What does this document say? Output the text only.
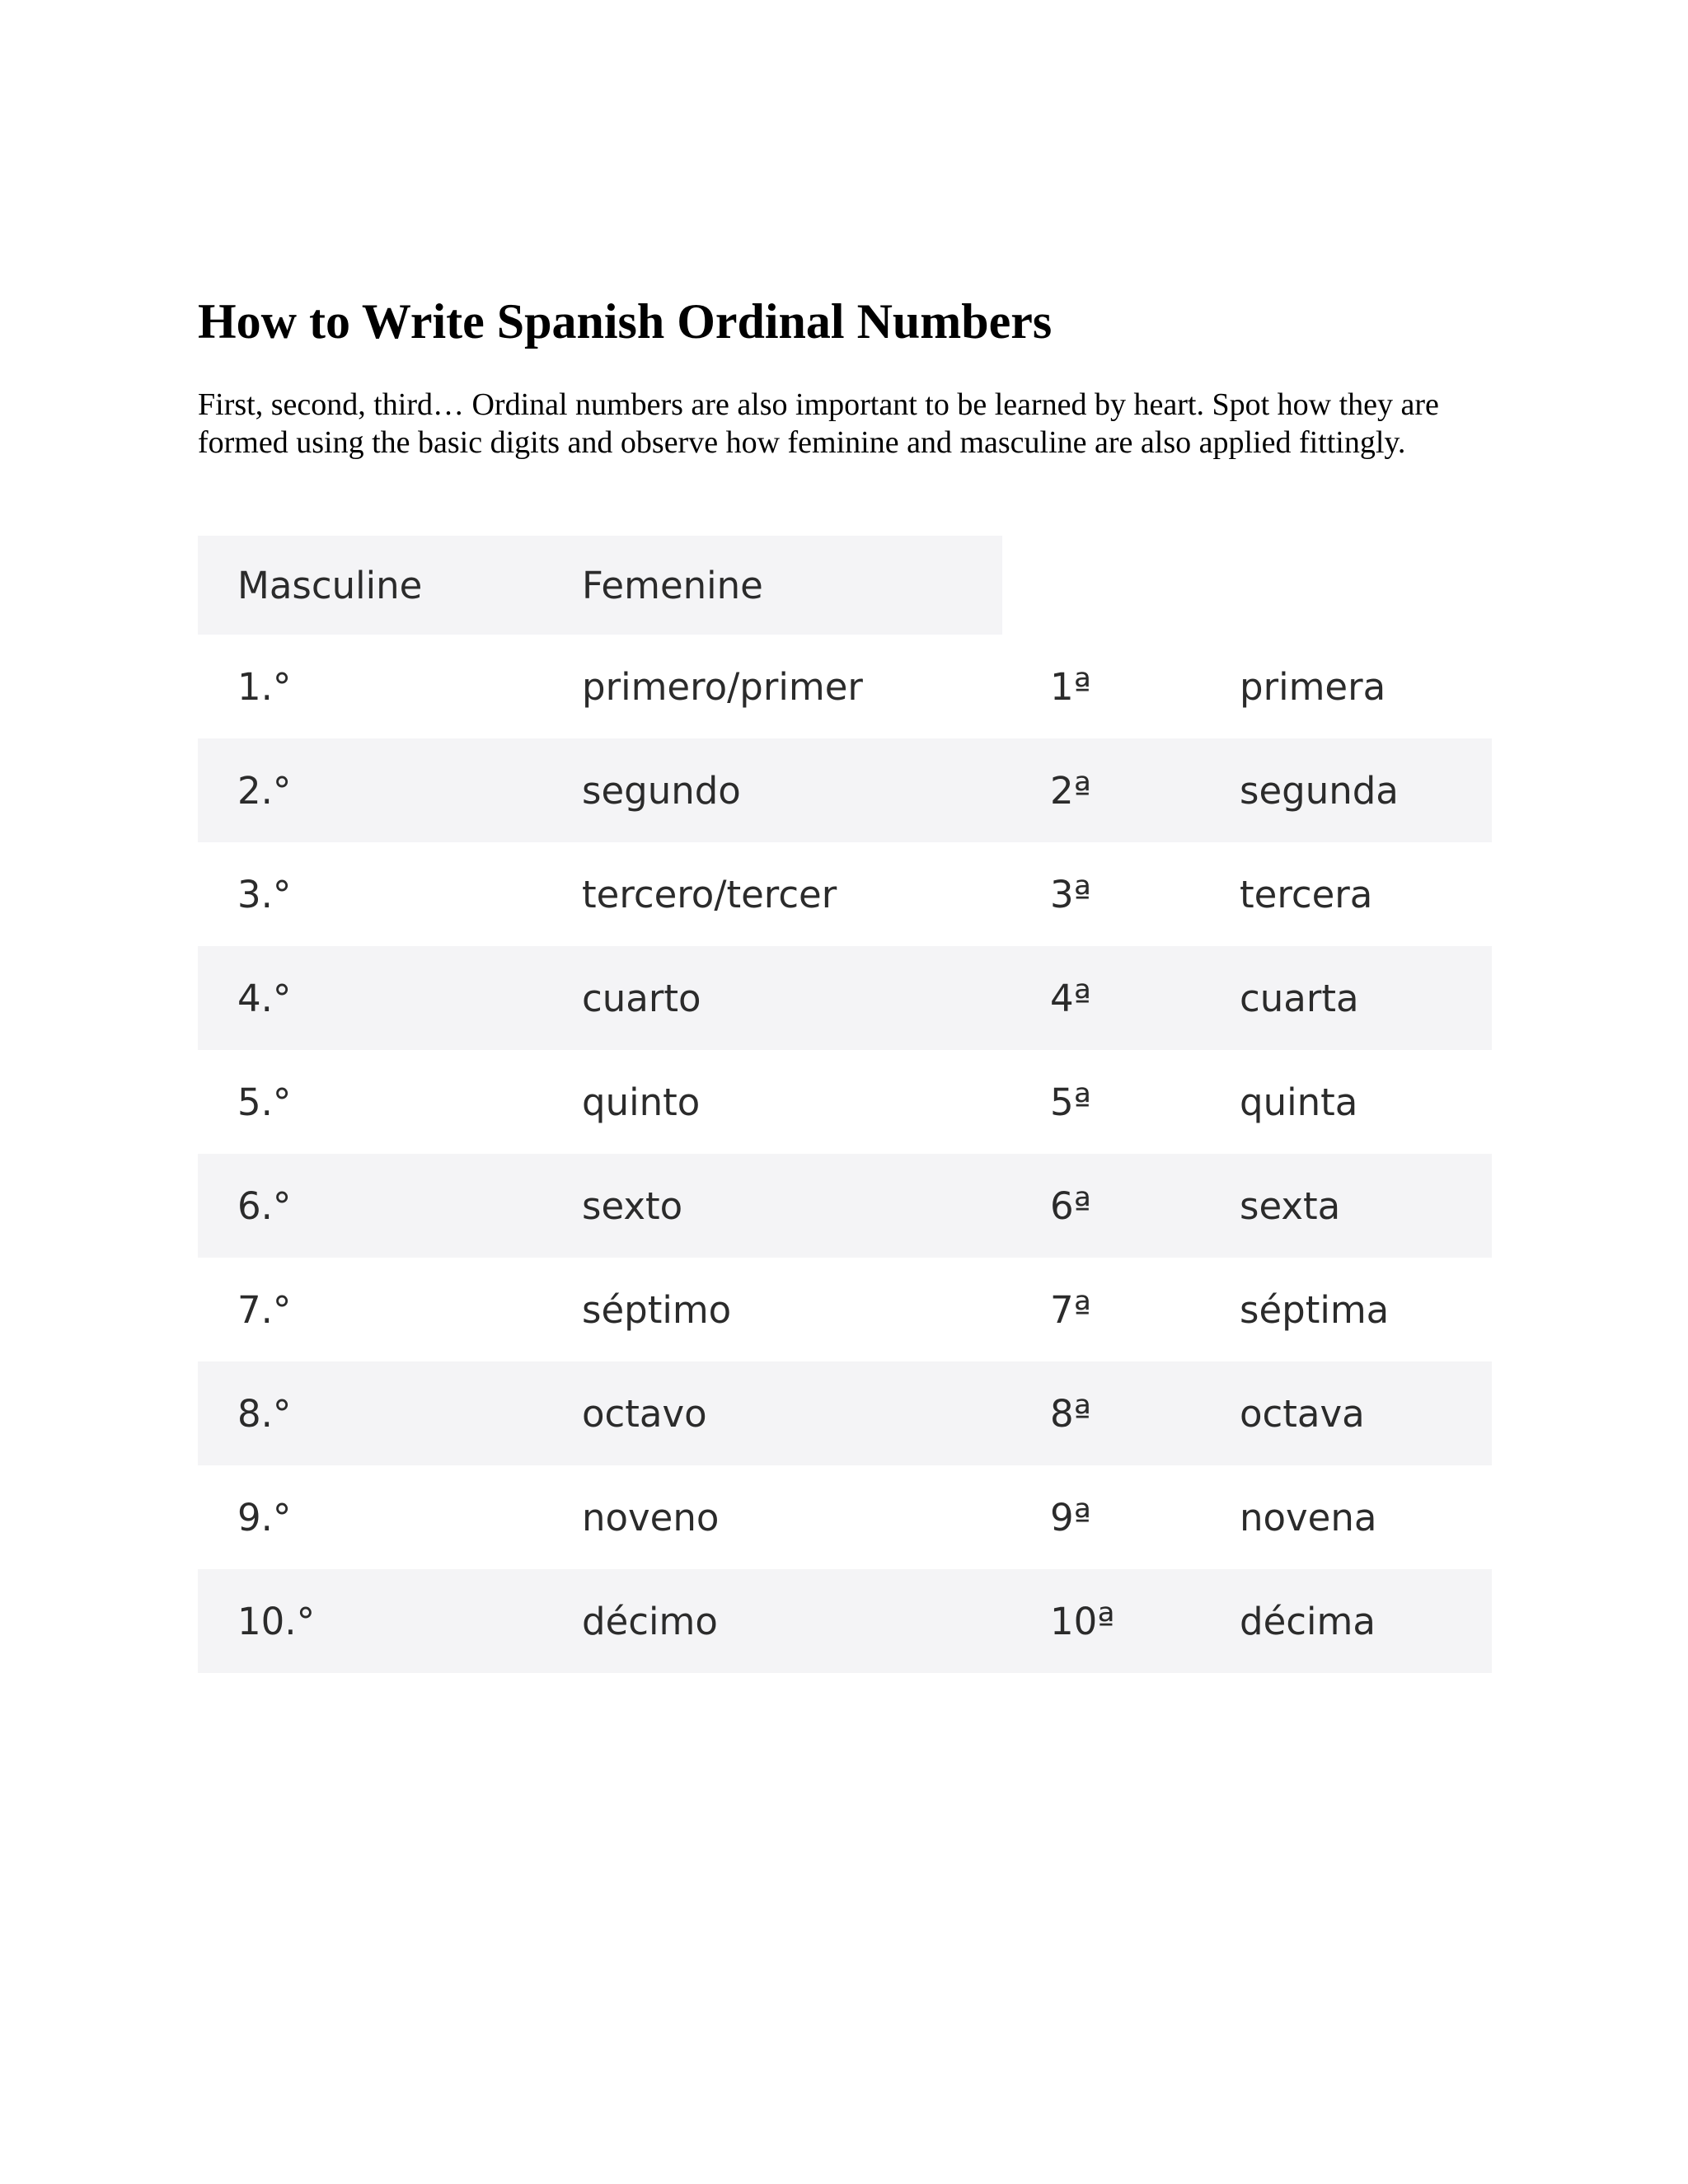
How to Write Spanish Ordinal Numbers

First, second, third… Ordinal numbers are also important to be learned by heart. Spot how they are formed using the basic digits and observe how feminine and masculine are also applied fittingly.

Masculine	Femenine
1.°	primero/primer	1ª	primera
2.°	segundo	2ª	segunda
3.°	tercero/tercer	3ª	tercera
4.°	cuarto	4ª	cuarta
5.°	quinto	5ª	quinta
6.°	sexto	6ª	sexta
7.°	séptimo	7ª	séptima
8.°	octavo	8ª	octava
9.°	noveno	9ª	novena
10.°	décimo	10ª	décima
